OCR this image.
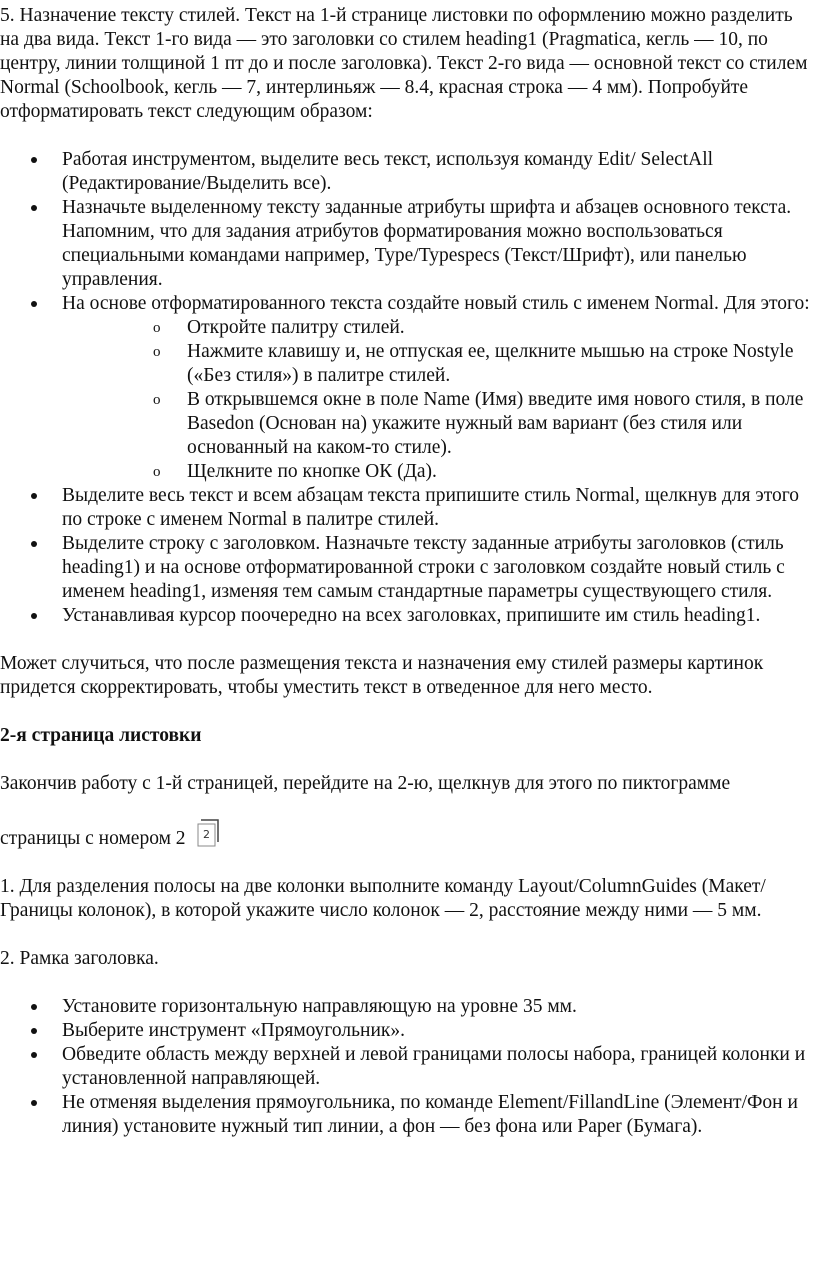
5. Назначение тексту стилей. Текст на 1-й странице листовки по оформлению можно разделить на два вида. Текст 1-го вида — это заголовки со стилем heading1 (Pragmatica, кегль — 10, по центру, линии толщиной 1 пт до и после заголовка). Текст 2-го вида — основной текст со стилем Normal (Schoolbook, кегль — 7, интерлиньяж — 8.4, красная строка — 4 мм). Попробуйте отформатировать текст следующим образом:

Работая инструментом, выделите весь текст, используя команду Edit/ SelectAll (Редактирование/Выделить все).
Назначьте выделенному тексту заданные атрибуты шрифта и абзацев основного текста. Напомним, что для задания атрибутов форматирования можно воспользоваться специальными командами например, Type/Typespecs (Текст/Шрифт), или панелью управления.
На основе отформатированного текста создайте новый стиль с именем Normal. Для этого:
o Откройте палитру стилей.
o Нажмите клавишу и, не отпуская ее, щелкните мышью на строке Nostyle («Без стиля») в палитре стилей.
o В открывшемся окне в поле Name (Имя) введите имя нового стиля, в поле Basedon (Основан на) укажите нужный вам вариант (без стиля или основанный на каком-то стиле).
o Щелкните по кнопке ОК (Да).
Выделите весь текст и всем абзацам текста припишите стиль Normal, щелкнув для этого по строке с именем Normal в палитре стилей.
Выделите строку с заголовком. Назначьте тексту заданные атрибуты заголовков (стиль heading1) и на основе отформатированной строки с заголовком создайте новый стиль с именем heading1, изменяя тем самым стандартные параметры существующего стиля.
Устанавливая курсор поочередно на всех заголовках, припишите им стиль heading1.

Может случиться, что после размещения текста и назначения ему стилей размеры картинок придется скорректировать, чтобы уместить текст в отведенное для него место.

2-я страница листовки

Закончив работу с 1-й страницей, перейдите на 2-ю, щелкнув для этого по пиктограмме

страницы с номером 2 2

1. Для разделения полосы на две колонки выполните команду Layout/ColumnGuides (Макет/Границы колонок), в которой укажите число колонок — 2, расстояние между ними — 5 мм.

2. Рамка заголовка.

Установите горизонтальную направляющую на уровне 35 мм.
Выберите инструмент «Прямоугольник».
Обведите область между верхней и левой границами полосы набора, границей колонки и установленной направляющей.
Не отменяя выделения прямоугольника, по команде Element/FillandLine (Элемент/Фон и линия) установите нужный тип линии, а фон — без фона или Paper (Бумага).
